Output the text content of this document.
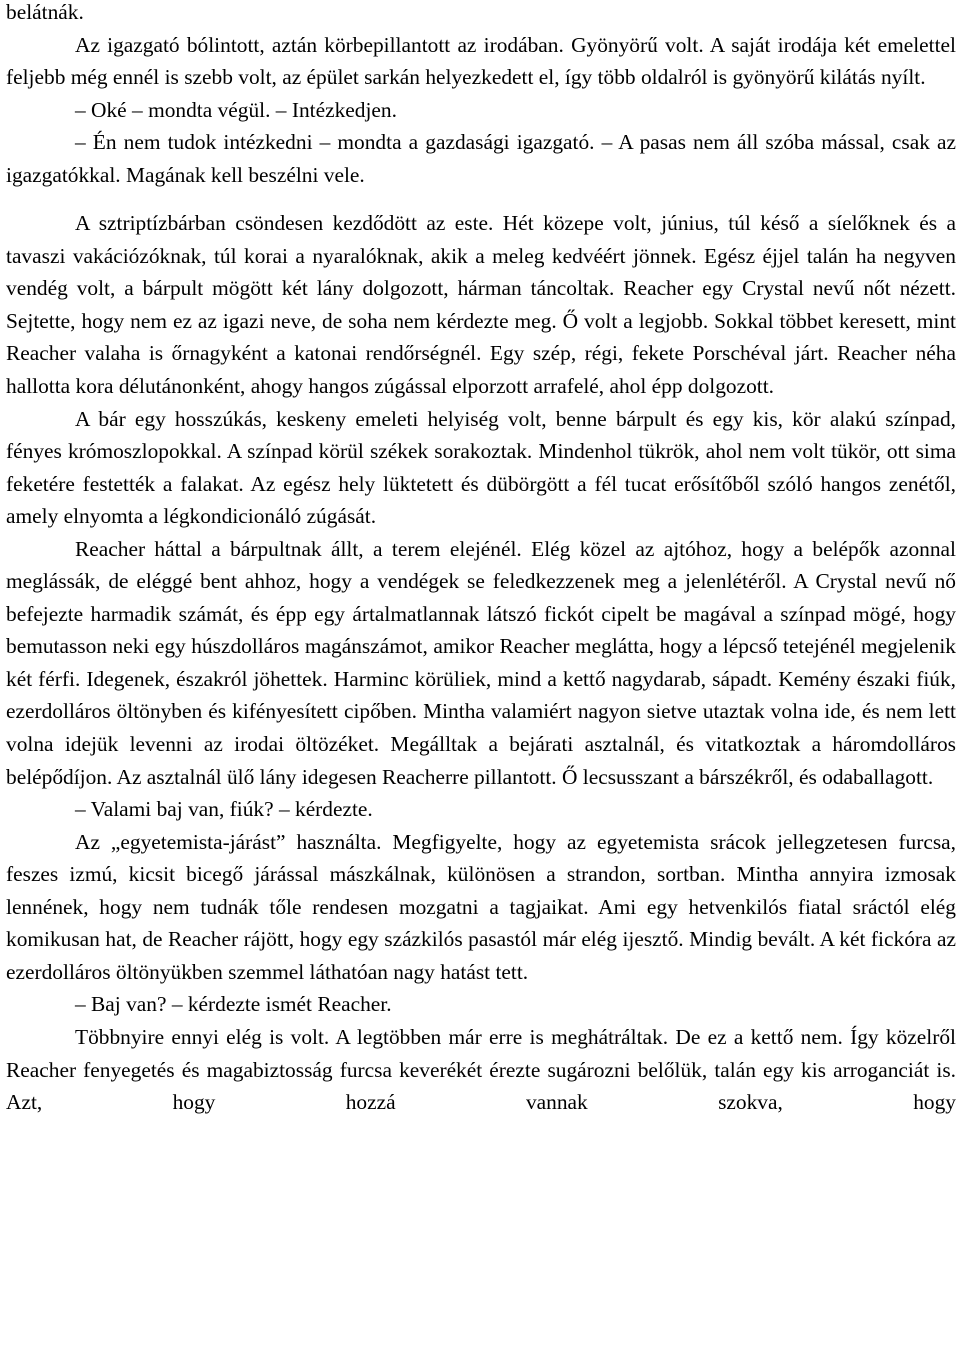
belátnák.

Az igazgató bólintott, aztán körbepillantott az irodában. Gyönyörű volt. A saját irodája két emelettel feljebb még ennél is szebb volt, az épület sarkán helyezkedett el, így több oldalról is gyönyörű kilátás nyílt.

– Oké – mondta végül. – Intézkedjen.

– Én nem tudok intézkedni – mondta a gazdasági igazgató. – A pasas nem áll szóba mással, csak az igazgatókkal. Magának kell beszélni vele.

A sztriptízbárban csöndesen kezdődött az este. Hét közepe volt, június, túl késő a síelőknek és a tavaszi vakációzóknak, túl korai a nyaralóknak, akik a meleg kedvéért jönnek. Egész éjjel talán ha negyven vendég volt, a bárpult mögött két lány dolgozott, hárman táncoltak. Reacher egy Crystal nevű nőt nézett. Sejtette, hogy nem ez az igazi neve, de soha nem kérdezte meg. Ő volt a legjobb. Sokkal többet keresett, mint Reacher valaha is őrnagyként a katonai rendőrségnél. Egy szép, régi, fekete Porschéval járt. Reacher néha hallotta kora délutánonként, ahogy hangos zúgással elporzott arrafelé, ahol épp dolgozott.

A bár egy hosszúkás, keskeny emeleti helyiség volt, benne bárpult és egy kis, kör alakú színpad, fényes krómoszlopokkal. A színpad körül székek sorakoztak. Mindenhol tükrök, ahol nem volt tükör, ott sima feketére festették a falakat. Az egész hely lüktetett és dübörgött a fél tucat erősítőből szóló hangos zenétől, amely elnyomta a légkondicionáló zúgását.

Reacher háttal a bárpultnak állt, a terem elejénél. Elég közel az ajtóhoz, hogy a belépők azonnal meglássák, de eléggé bent ahhoz, hogy a vendégek se feledkezzenek meg a jelenlétéről. A Crystal nevű nő befejezte harmadik számát, és épp egy ártalmatlannak látszó fickót cipelt be magával a színpad mögé, hogy bemutasson neki egy húszdolláros magánszámot, amikor Reacher meglátta, hogy a lépcső tetejénél megjelenik két férfi. Idegenek, északról jöhettek. Harminc körüliek, mind a kettő nagydarab, sápadt. Kemény északi fiúk, ezerdolláros öltönyben és kifényesített cipőben. Mintha valamiért nagyon sietve utaztak volna ide, és nem lett volna idejük levenni az irodai öltözéket. Megálltak a bejárati asztalnál, és vitatkoztak a háromdolláros belépődíjon. Az asztalnál ülő lány idegesen Reacherre pillantott. Ő lecsusszant a bárszékről, és odaballagott.

– Valami baj van, fiúk? – kérdezte.

Az „egyetemista-járást” használta. Megfigyelte, hogy az egyetemista srácok jellegzetesen furcsa, feszes izmú, kicsit bicegő járással mászkálnak, különösen a strandon, sortban. Mintha annyira izmosak lennének, hogy nem tudnák tőle rendesen mozgatni a tagjaikat. Ami egy hetvenkilós fiatal sráctól elég komikusan hat, de Reacher rájött, hogy egy százkilós pasastól már elég ijesztő. Mindig bevált. A két fickóra az ezerdolláros öltönyükben szemmel láthatóan nagy hatást tett.

– Baj van? – kérdezte ismét Reacher.

Többnyire ennyi elég is volt. A legtöbben már erre is meghátráltak. De ez a kettő nem. Így közelről Reacher fenyegetés és magabiztosság furcsa keverékét érezte sugározni belőlük, talán egy kis arroganciát is. Azt, hogy hozzá vannak szokva, hogy
